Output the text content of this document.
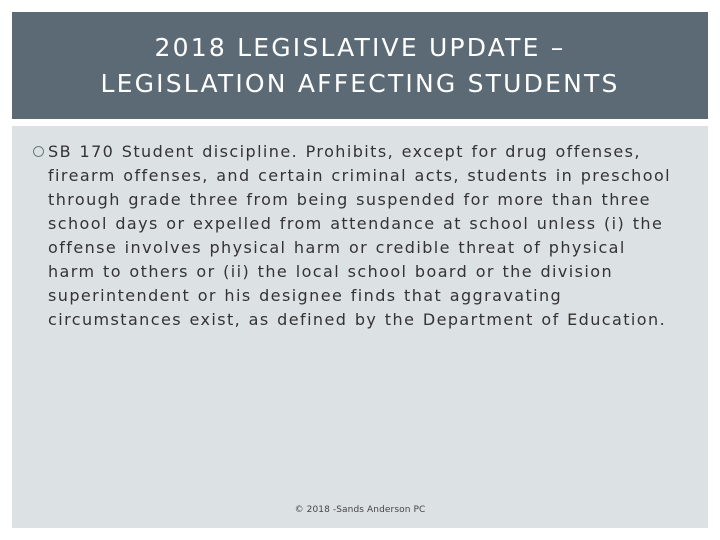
2018 LEGISLATIVE UPDATE –
LEGISLATION AFFECTING STUDENTS
SB 170 Student discipline. Prohibits, except for drug offenses, firearm offenses, and certain criminal acts, students in preschool through grade three from being suspended for more than three school days or expelled from attendance at school unless (i) the offense involves physical harm or credible threat of physical harm to others or (ii) the local school board or the division superintendent or his designee finds that aggravating circumstances exist, as defined by the Department of Education.
© 2018 -Sands Anderson PC
